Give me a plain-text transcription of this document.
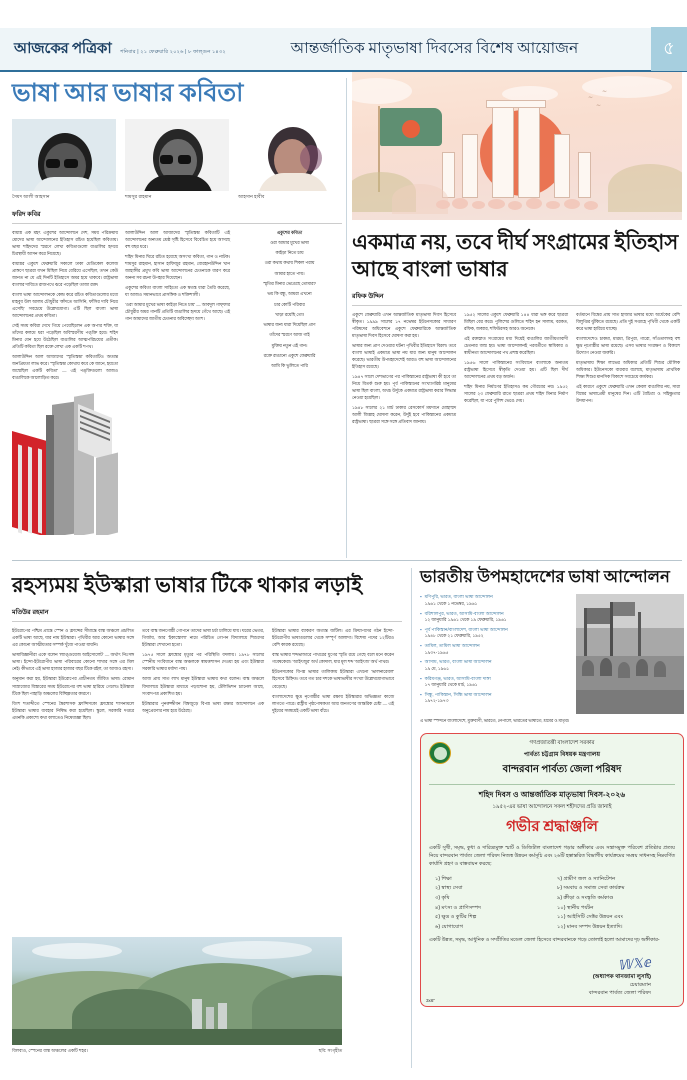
আজকের পত্রিকা শনিবার | ২১ ফেব্রুয়ারি ২০২৬ | ৮ ফাল্গুন ১৪৩২	আন্তর্জাতিক মাতৃভাষা দিবসের বিশেষ আয়োজন	৫
ভাষা আর ভাষার কবিতা
সৈয়দ আলী আহসান	শামসুর রাহমান	আহসান হাবীব
ফরিদ কবির

বায়ান্ন এক মহৎ একুশের আন্দোলনে দেশ, সময় পরিক্রমায় মোদের ভাষা আন্দোলনের ইতিহাস রচিত হয়েছিল কবিতায়। ভাষা শহিদদের স্মরণে লেখা কবিতাগুলো বাঙালির হৃদয়ে চিরস্থায়ী আসন করে নিয়েছে।

বায়ান্নর একুশে ফেব্রুয়ারি সকালে ঢাকা মেডিকেল কলেজ প্রাঙ্গণে ছাত্ররা যখন মিছিল নিয়ে বেরিয়ে এসেছিল, তখন কেউ জানত না যে এই দিনটি ইতিহাসে অমর হয়ে থাকবে। রাষ্ট্রভাষা বাংলার দাবিতে রাজপথে ঝরে পড়েছিল তাজা রক্ত।

বাংলা ভাষা আন্দোলনকে কেন্দ্র করে রচিত কবিতাগুলোর মধ্যে মাহবুব উল আলম চৌধুরীর 'কাঁদতে আসিনি, ফাঁসির দাবি নিয়ে এসেছি' সবচেয়ে উল্লেখযোগ্য। এটি ছিল বাংলা ভাষা আন্দোলনের প্রথম কবিতা।

সেই সময় কবিরা দেখে গিয়ে পেয়েছিলেন এক অপার শক্তি, যা তাঁদের কলমে ধরা পড়েছিল অবিস্মরণীয় পঙ্‌ক্তি হয়ে। শহিদ মিনার যেন হয়ে উঠেছিল বাঙালির আত্মপরিচয়ের প্রতীক। প্রতিটি কবিতা ছিল রক্তে লেখা এক একটি শপথ।

আলাউদ্দিন আল আজাদের 'স্মৃতিস্তম্ভ' কবিতাটিও অত্যন্ত জনপ্রিয়তা লাভ করে। 'স্মৃতিস্তম্ভ কোথায় কবে কে জানে, হয়তো জন্মেছিল একটি কবিতা' — এই পঙ্‌ক্তিগুলো আজও বাঙালিকে আলোড়িত করে।

আলাউদ্দিন আল আজাদের স্মৃতিস্তম্ভ কবিতাটি এই আন্দোলনের অন্যতম শ্রেষ্ঠ সৃষ্টি হিসেবে বিবেচিত হয়ে আসছে বহু বছর ধরে।

শহিদ মিনার ঘিরে রচিত হয়েছে অসংখ্য কবিতা, গান ও নাটক। শামসুর রাহমান, হাসান হাফিজুর রহমান, বোরহানউদ্দিন খান জাহাঙ্গীর প্রমুখ কবি ভাষা আন্দোলনের চেতনাকে ধারণ করে অনন্য সব রচনা উপহার দিয়েছেন।

একুশের কবিতা বাংলা সাহিত্যে এক স্বতন্ত্র ধারা তৈরি করেছে, যা আজও সমানভাবে প্রাসঙ্গিক ও শক্তিশালী।

'ওরা আমার মুখের ভাষা কাইড়া নিতে চায়' — আবদুল গাফ্‌ফার চৌধুরীর অমর গানটি প্রতিটি বাঙালির হৃদয়ে গেঁথে আছে। এই গান আমাদের জাতীয় চেতনার অবিচ্ছেদ্য অংশ।

একুশের কবিতা

ওরা আমার মুখের ভাষা

কাইড়া নিতে চায়

ওরা কথায় কথায় শিকল পরায়

আমার হাতে পায়।

স্মৃতির মিনার ভেঙেছে তোমার?

ভয় কি বন্ধু, আমরা এখনো

চার কোটি পরিবার

খাড়া রয়েছি তো!

ভাষার জন্য যারা দিয়েছিল প্রাণ

তাঁদের স্মরণে আজ গাই

মুক্তির নতুন এই গান।

রক্তে রাঙানো একুশে ফেব্রুয়ারি

আমি কি ভুলিতে পারি

∼
∼
∼
একমাত্র নয়, তবে দীর্ঘ সংগ্রামের ইতিহাস আছে বাংলা ভাষার
রফিক উদ্দিন

একুশে ফেব্রুয়ারি এখন আন্তর্জাতিক মাতৃভাষা দিবস হিসেবে স্বীকৃত। ১৯৯৯ সালের ১৭ নভেম্বর ইউনেসকোর সাধারণ পরিষদের অধিবেশনে একুশে ফেব্রুয়ারিকে আন্তর্জাতিক মাতৃভাষা দিবস হিসেবে ঘোষণা করা হয়।

ভাষার জন্য প্রাণ দেওয়ার ঘটনা পৃথিবীর ইতিহাসে বিরল। তবে বাংলা ভাষাই একমাত্র ভাষা নয় যার জন্য মানুষ আন্দোলন করেছে। ভারতীয় উপমহাদেশেই আরও বহু ভাষা আন্দোলনের ইতিহাস রয়েছে।

১৯৪৭ সালে দেশভাগের পর পাকিস্তানের রাষ্ট্রভাষা কী হবে তা নিয়ে বিতর্ক শুরু হয়। পূর্ব পাকিস্তানের সংখ্যাগরিষ্ঠ মানুষের ভাষা ছিল বাংলা, অথচ উর্দুকে একমাত্র রাষ্ট্রভাষা করার সিদ্ধান্ত নেওয়া হয়েছিল।

১৯৪৮ সালের ২১ মার্চ ঢাকার রেসকোর্স ময়দানে মোহাম্মদ আলী জিন্নাহ ঘোষণা করেন, উর্দুই হবে পাকিস্তানের একমাত্র রাষ্ট্রভাষা। ছাত্ররা সঙ্গে সঙ্গে প্রতিবাদ জানায়।

১৯৫২ সালের একুশে ফেব্রুয়ারি ১৪৪ ধারা ভঙ্গ করে ছাত্ররা মিছিল বের করে। পুলিশের গুলিতে শহিদ হন সালাম, বরকত, রফিক, জব্বার, শফিউরসহ আরও অনেকে।

এই রক্তস্নাত সংগ্রামের মধ্য দিয়েই বাঙালির জাতীয়তাবাদী চেতনার জন্ম হয়। ভাষা আন্দোলনই পরবর্তীতে স্বাধিকার ও স্বাধীনতা আন্দোলনের পথ প্রশস্ত করেছিল।

১৯৫৬ সালে পাকিস্তানের সংবিধানে বাংলাকে অন্যতম রাষ্ট্রভাষা হিসেবে স্বীকৃতি দেওয়া হয়। এটি ছিল দীর্ঘ আন্দোলনের প্রথম বড় অর্জন।

শহিদ মিনার নির্মাণের ইতিহাসও কম গৌরবের নয়। ১৯৫২ সালের ২৩ ফেব্রুয়ারি রাতে ছাত্ররা প্রথম শহিদ মিনার নির্মাণ করেছিল, যা পরে পুলিশ ভেঙে দেয়।

বর্তমানে বিশ্বের প্রায় সাত হাজার ভাষার মধ্যে অর্ধেকের বেশি বিলুপ্তির ঝুঁকিতে রয়েছে। প্রতি দুই সপ্তাহে পৃথিবী থেকে একটি করে ভাষা হারিয়ে যাচ্ছে।

বাংলাদেশেও চাকমা, মারমা, ত্রিপুরা, গারো, সাঁওতালসহ বহু ক্ষুদ্র নৃগোষ্ঠীর ভাষা রয়েছে। এসব ভাষার সংরক্ষণ ও বিকাশে উদ্যোগ নেওয়া জরুরি।

মাতৃভাষায় শিক্ষা লাভের অধিকার প্রতিটি শিশুর মৌলিক অধিকার। ইউনেসকো বারবার বলেছে, মাতৃভাষায় প্রাথমিক শিক্ষা শিশুর মানসিক বিকাশে সবচেয়ে কার্যকর।

এই কারণে একুশে ফেব্রুয়ারি এখন কেবল বাঙালির নয়, সারা বিশ্বের ভাষাপ্রেমী মানুষের দিন। এটি বৈচিত্র্য ও সহিষ্ণুতার উদযাপন।

রহস্যময় ইউস্কারা ভাষার টিকে থাকার লড়াই
মতিউর রহমান

ইউরোপের পশ্চিম প্রান্তে স্পেন ও ফ্রান্সের সীমান্তে বাস্ক অঞ্চলে প্রচলিত একটি ভাষা আছে, যার নাম ইউস্কারা। পৃথিবীর আর কোনো ভাষার সঙ্গে এর কোনো আত্মীয়তার সম্পর্ক খুঁজে পাওয়া যায়নি।

ভাষাবিজ্ঞানীরা একে বলেন 'ল্যাঙ্গুয়েজ আইসোলেট' — অর্থাৎ নিঃসঙ্গ ভাষা। ইন্দো-ইউরোপীয় ভাষা পরিবারের কোনো শাখার সঙ্গে এর মিল নেই। কীভাবে এই ভাষা হাজার হাজার বছর টিকে রইল, তা আজও রহস্য।

অনুমান করা হয়, ইউস্কারা ইউরোপের প্রাচীনতম জীবিত ভাষা। রোমান সাম্রাজ্যের বিস্তারের সময় ইউরোপের বহু ভাষা হারিয়ে গেলেও ইউস্কারা টিকে ছিল পাহাড়ি অঞ্চলের বিচ্ছিন্নতার কারণে।

বিংশ শতাব্দীতে স্পেনের স্বৈরশাসক ফ্রান্সিসকো ফ্রাঙ্কোর শাসনামলে ইউস্কারা ভাষার ব্যবহার নিষিদ্ধ করা হয়েছিল। স্কুলে, সরকারি দপ্তরে এমনকি প্রকাশ্যে কথা বলাতেও নিষেধাজ্ঞা ছিল।

তবে বাস্ক জনগোষ্ঠী গোপনে তাদের ভাষা চর্চা চালিয়ে যায়। ঘরের ভেতর, গির্জায়, আর 'ইকাস্তোলা' নামে পরিচিত গোপন বিদ্যালয়ে শিশুদের ইউস্কারা শেখানো হতো।

১৯৭৫ সালে ফ্রাঙ্কোর মৃত্যুর পর পরিস্থিতি বদলায়। ১৯৭৮ সালের স্পেনীয় সংবিধানে বাস্ক অঞ্চলকে স্বায়ত্তশাসন দেওয়া হয় এবং ইউস্কারা সরকারি ভাষার মর্যাদা পায়।

আজ প্রায় সাত লাখ মানুষ ইউস্কারা ভাষায় কথা বলেন। বাস্ক অঞ্চলে বিদ্যালয়ে ইউস্কারা মাধ্যমে পড়াশোনা হয়, টেলিভিশন চ্যানেল আছে, সংবাদপত্র প্রকাশিত হয়।

ইউস্কারার পুনরুজ্জীবন বিশ্বজুড়ে বিপন্ন ভাষা রক্ষার আন্দোলনে এক অনুপ্রেরণার নাম হয়ে উঠেছে।

ইউস্কারা ভাষার ব্যাকরণ অত্যন্ত জটিল। এর ক্রিয়াপদের গঠন ইন্দো-ইউরোপীয় ভাষাগুলোর থেকে সম্পূর্ণ আলাদা। বিশেষ্য পদের ১২টিরও বেশি কারক রয়েছে।

বাস্ক ভাষার শব্দভান্ডারে পাথরের যুগের স্মৃতি রয়ে গেছে বলে মনে করেন গবেষকেরা। 'আইৎজুর' অর্থ কোদাল, যার মূল শব্দ 'আইৎজ' অর্থ পাথর।

ইউনেসকোর বিপন্ন ভাষার তালিকায় ইউস্কারা এখনো 'ভালনারেবল' হিসেবে চিহ্নিত। তবে গত চার দশকে ভাষাভাষীর সংখ্যা উল্লেখযোগ্যভাবে বেড়েছে।

বাংলাদেশের ক্ষুদ্র নৃগোষ্ঠীর ভাষা রক্ষায় ইউস্কারার অভিজ্ঞতা কাজে লাগতে পারে। রাষ্ট্রীয় পৃষ্ঠপোষকতা আর জনগণের আন্তরিক চেষ্টা — এই দুইয়ের সমন্বয়েই একটি ভাষা বাঁচে।

বিলবাও, স্পেনের বাস্ক অঞ্চলের একটি শহর।	ছবি: সংগৃহীত
ভারতীয় উপমহাদেশের ভাষা আন্দোলন
▪ মণিপুরি, ভারত, বাংলা ভাষা আন্দোলন
১৯৬১ থেকে ১ নভেম্বর, ১৯৬১
▪ বরিশালপুর, ভারত, আসামি-বাংলা আন্দোলন
১২ জানুয়ারি ১৯৬১ থেকে ১৯ ফেব্রুয়ারি, ১৯৬১
▪ পূর্ব পাকিস্তান/বাংলাদেশ, বাংলা ভাষা আন্দোলন
১৯৪৮ থেকে ২১ ফেব্রুয়ারি, ১৯৫২
▪ তামিল, তামিল ভাষা আন্দোলন
১৯৩৭-১৯৬৫
▪ আসাম, ভারত, বাংলা ভাষা আন্দোলন
১৯ মে, ১৯৬১
▪ করিমগঞ্জ, ভারত, আসামি-বাংলা দাঙ্গা
১৭ জানুয়ারি থেকে মার্চ, ১৯৬১
▪ সিন্ধু, পাকিস্তান, সিন্ধি ভাষা আন্দোলন
১৯৭২-১৯৭৩
এ ভাষা স্পন্দনে বাংলাদেশে, মুক্তবাণী, ভারতে, নেপালে, ভারতের ভাষাতে, শ্রমের ও মাতৃর।
গণপ্রজাতন্ত্রী বাংলাদেশ সরকার
পার্বত্য চট্টগ্রাম বিষয়ক মন্ত্রণালয়
বান্দরবান পার্বত্য জেলা পরিষদ
শহিদ দিবস ও আন্তর্জাতিক মাতৃভাষা দিবস-২০২৬
১৯৫২-এর ভাষা আন্দোলনে সকল শহীদদের প্রতি জানাই
গভীর শ্রদ্ধাঞ্জলি
একটি সুখী, সমৃদ্ধ, কুধা ও দারিদ্র্যমুক্ত স্মার্ট ও ডিজিটাল বাংলাদেশ গড়ার অঙ্গীকার এবং সন্ত্রাসমুক্ত পরিবেশ প্রতিষ্ঠার প্রত্যয় নিয়ে বান্দরবান পার্বত্য জেলা পরিষদ নিজস্ব উন্নয়ন কর্মসূচি এবং ২৬টি হস্তান্তরিত বিভাগীয় কার্যক্রমের সমন্বয় সাধনসহ নিম্নবর্ণিত কার্যাদি গ্রহণ ও বাস্তবায়ন করছে:
১) শিক্ষা
২) স্বাস্থ্য সেবা
৩) কৃষি
৪) মৎস্য ও প্রাণিসম্পদ
৫) ক্ষুদ্র ও কুটির শিল্প
৬) যোগাযোগ
৭) গ্রামীণ জল ও স্যানিটেশন
৮) সমবায় ও সমাজ সেবা কার্যক্রম
৯) ক্রীড়া ও সংস্কৃতি কর্মকাণ্ড
১০) স্থানীয় পর্যটন
১১) আইসিটি সেক্টর উন্নয়ন এবং
১২) মানব সম্পদ উন্নয়ন ইত্যাদি।
একটি উন্নত, সমৃদ্ধ, আধুনিক ও সম্প্রীতির মডেল জেলা হিসেবে বান্দরবানকে গড়ে তোলাই হলো আমাদের দৃঢ় অঙ্গীকার-
𝕎𝕏𝕖
(অধ্যাপক থানজামা লুসাই)
চেয়ারম্যান
বান্দরবান পার্বত্য জেলা পরিষদ
3x6"
